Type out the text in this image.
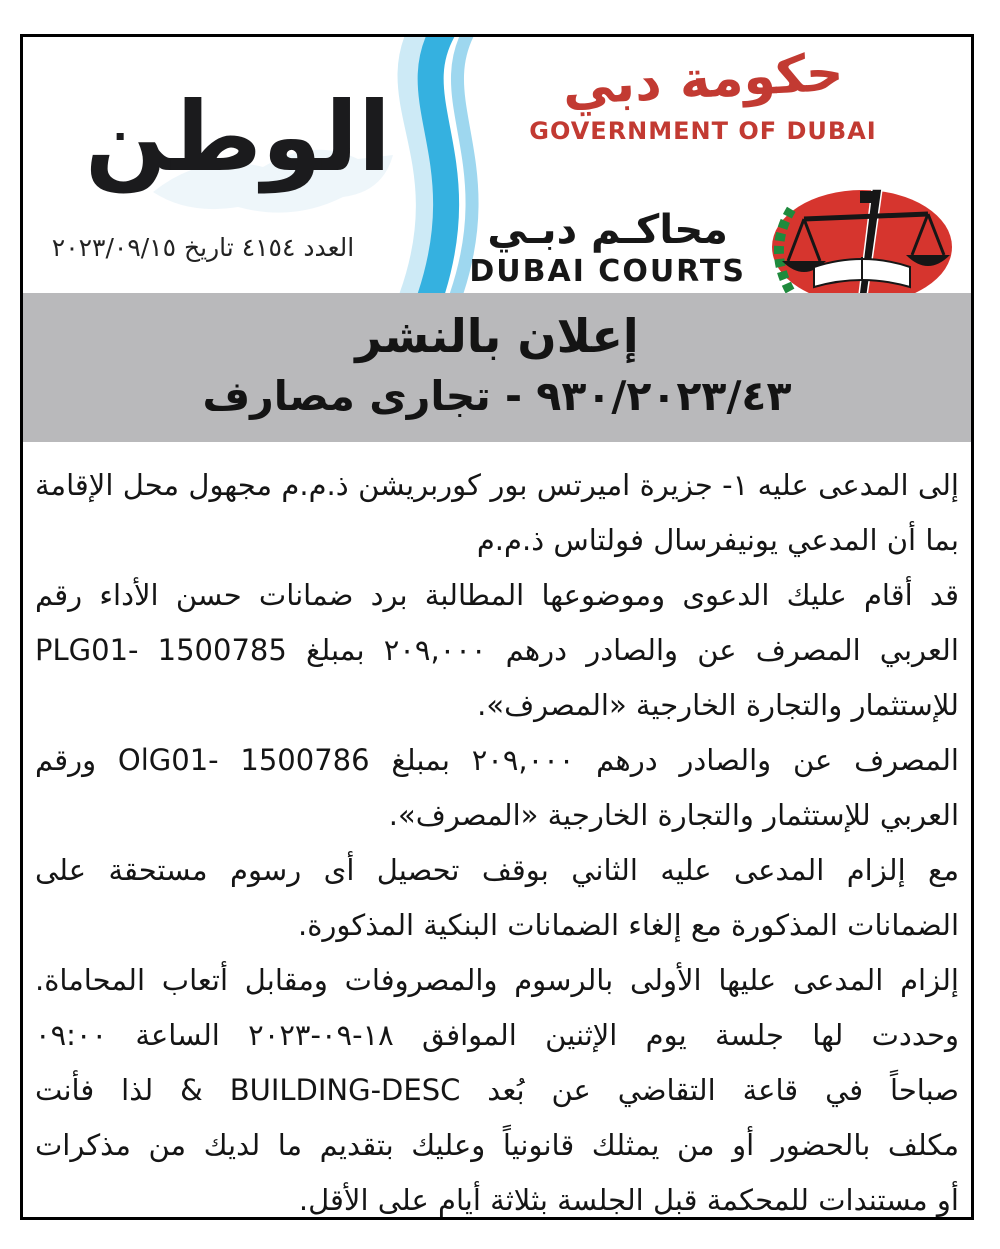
الوطن
العدد ٤١٥٤ تاريخ ٢٠٢٣/٠٩/١٥
حكومة دبي
GOVERNMENT OF DUBAI
محاكـم دبـي
DUBAI COURTS
إعلان بالنشر
٩٣٠/٢٠٢٣/٤٣ - تجارى مصارف
إلى المدعى عليه ١- جزيرة اميرتس بور كوربريشن ذ.م.م مجهول محل الإقامة
بما أن المدعي يونيفرسال فولتاس ذ.م.م
قد أقام عليك الدعوى وموضوعها المطالبة برد ضمانات حسن الأداء رقم
PLG01- 1500785 بمبلغ ٢٠٩,٠٠٠ درهم والصادر عن المصرف العربي
للإستثمار والتجارة الخارجية «المصرف».
ورقم OlG01- 1500786 بمبلغ ٢٠٩,٠٠٠ درهم والصادر عن المصرف
العربي للإستثمار والتجارة الخارجية «المصرف».
مع إلزام المدعى عليه الثاني بوقف تحصيل أى رسوم مستحقة على
الضمانات المذكورة مع إلغاء الضمانات البنكية المذكورة.
إلزام المدعى عليها الأولى بالرسوم والمصروفات ومقابل أتعاب المحاماة.
وحددت لها جلسة يوم الإثنين الموافق ١٨-٠٩-٢٠٢٣ الساعة ٠٩:٠٠
صباحاً في قاعة التقاضي عن بُعد BUILDING-DESC & لذا فأنت
مكلف بالحضور أو من يمثلك قانونياً وعليك بتقديم ما لديك من مذكرات
أو مستندات للمحكمة قبل الجلسة بثلاثة أيام على الأقل.
